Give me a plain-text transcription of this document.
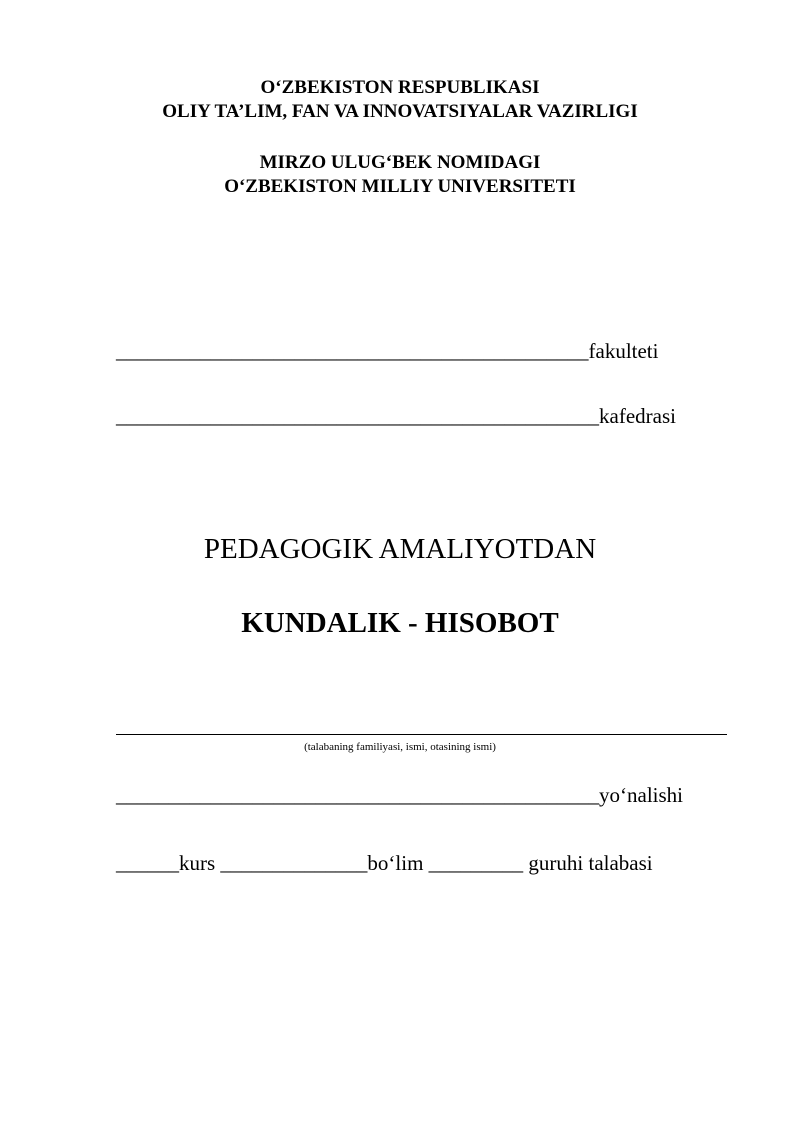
O‘ZBEKISTON RESPUBLIKASI
OLIY TA’LIM, FAN VA INNOVATSIYALAR VAZIRLIGI
MIRZO ULUG‘BEK NOMIDAGI
O‘ZBEKISTON MILLIY UNIVERSITETI
_____________________________________________fakulteti
______________________________________________kafedrasi
PEDAGOGIK AMALIYOTDAN
KUNDALIK - HISOBOT
(talabaning familiyasi, ismi, otasining ismi)
______________________________________________yo‘nalishi
______kurs ______________bo‘lim _________ guruhi talabasi
